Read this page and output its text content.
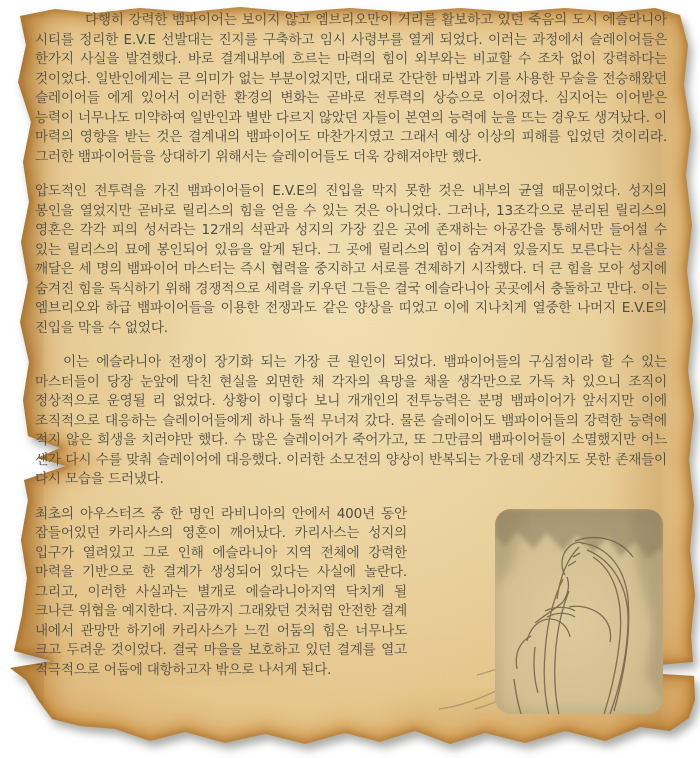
다행히 강력한 뱀파이어는 보이지 않고 엠브리오만이 거리를 활보하고 있던 죽음의 도시 에슬라니아 시티를 정리한 E.V.E 선발대는 진지를 구축하고 임시 사령부를 열게 되었다. 이러는 과정에서 슬레이어들은 한가지 사실을 발견했다. 바로 결계내부에 흐르는 마력의 힘이 외부와는 비교할 수 조차 없이 강력하다는 것이었다. 일반인에게는 큰 의미가 없는 부분이었지만, 대대로 간단한 마법과 기를 사용한 무술을 전승해왔던 슬레이어들 에게 있어서 이러한 환경의 변화는 곧바로 전투력의 상승으로 이어졌다. 심지어는 이어받은 능력이 너무나도 미약하여 일반인과 별반 다르지 않았던 자들이 본연의 능력에 눈을 뜨는 경우도 생겨났다. 이 마력의 영향을 받는 것은 결계내의 뱀파이어도 마찬가지였고 그래서 예상 이상의 피해를 입었던 것이리라. 그러한 뱀파이어들을 상대하기 위해서는 슬레이어들도 더욱 강해져야만 했다.

압도적인 전투력을 가진 뱀파이어들이 E.V.E의 진입을 막지 못한 것은 내부의 균열 때문이었다. 성지의 봉인을 열었지만 곧바로 릴리스의 힘을 얻을 수 있는 것은 아니었다. 그러나, 13조각으로 분리된 릴리스의 영혼은 각각 피의 성서라는 12개의 석판과 성지의 가장 깊은 곳에 존재하는 아공간을 통해서만 들어설 수 있는 릴리스의 묘에 봉인되어 있음을 알게 된다. 그 곳에 릴리스의 힘이 숨겨져 있을지도 모른다는 사실을 깨달은 세 명의 뱀파이어 마스터는 즉시 협력을 중지하고 서로를 견제하기 시작했다. 더 큰 힘을 모아 성지에 숨겨진 힘을 독식하기 위해 경쟁적으로 세력을 키우던 그들은 결국 에슬라니아 곳곳에서 충돌하고 만다. 이는 엠브리오와 하급 뱀파이어들을 이용한 전쟁과도 같은 양상을 띠었고 이에 지나치게 열중한 나머지 E.V.E의 진입을 막을 수 없었다.

이는 에슬라니아 전쟁이 장기화 되는 가장 큰 원인이 되었다. 뱀파이어들의 구심점이라 할 수 있는 마스터들이 당장 눈앞에 닥친 현실을 외면한 채 각자의 욕망을 채울 생각만으로 가득 차 있으니 조직이 정상적으로 운영될 리 없었다. 상황이 이렇다 보니 개개인의 전투능력은 분명 뱀파이어가 앞서지만 이에 조직적으로 대응하는 슬레이어들에게 하나 둘씩 무너져 갔다. 물론 슬레이어도 뱀파이어들의 강력한 능력에 적지 않은 희생을 치러야만 했다. 수 많은 슬레이어가 죽어가고, 또 그만큼의 뱀파이어들이 소멸했지만 어느 샌가 다시 수를 맞춰 슬레이어에 대응했다. 이러한 소모전의 양상이 반복되는 가운데 생각지도 못한 존재들이 다시 모습을 드러냈다.

최초의 아우스터즈 중 한 명인 라비니아의 안에서 400년 동안 잠들어있던 카리사스의 영혼이 깨어났다. 카리사스는 성지의 입구가 열려있고 그로 인해 에슬라니아 지역 전체에 강력한 마력을 기반으로 한 결계가 생성되어 있다는 사실에 놀란다. 그리고, 이러한 사실과는 별개로 에슬라니아지역 닥치게 될 크나큰 위협을 예지한다. 지금까지 그래왔던 것처럼 안전한 결계 내에서 관망만 하기에 카리사스가 느낀 어둠의 힘은 너무나도 크고 두려운 것이었다. 결국 마을을 보호하고 있던 결계를 열고 적극적으로 어둠에 대항하고자 밖으로 나서게 된다.
